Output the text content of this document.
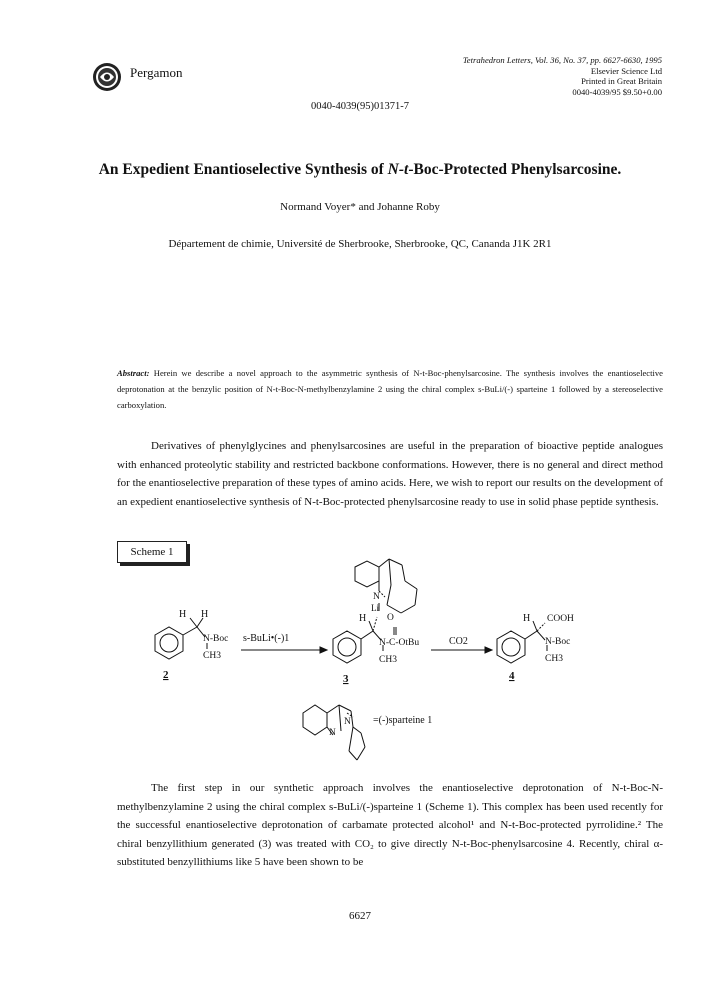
Pergamon
Tetrahedron Letters, Vol. 36, No. 37, pp. 6627-6630, 1995
Elsevier Science Ltd
Printed in Great Britain
0040-4039/95 $9.50+0.00
0040-4039(95)01371-7
An Expedient Enantioselective Synthesis of N-t-Boc-Protected Phenylsarcosine.
Normand Voyer* and Johanne Roby
Département de chimie, Université de Sherbrooke, Sherbrooke, QC, Cananda J1K 2R1
Abstract: Herein we describe a novel approach to the asymmetric synthesis of N-t-Boc-phenylsarcosine. The synthesis involves the enantioselective deprotonation at the benzylic position of N-t-Boc-N-methylbenzylamine 2 using the chiral complex s-BuLi/(-) sparteine 1 followed by a stereoselective carboxylation.
Derivatives of phenylglycines and phenylsarcosines are useful in the preparation of bioactive peptide analogues with enhanced proteolytic stability and restricted backbone conformations. However, there is no general and direct method for the enantioselective preparation of these types of amino acids. Here, we wish to report our results on the development of an expedient enantioselective synthesis of N-t-Boc-protected phenylsarcosine ready to use in solid phase peptide synthesis.
Scheme 1
H H
N-Boc
CH3
2
s-BuLi•(-)1
H
N
O
Li
N-C-OtBu
CH3
3
CO2
H COOH
N-Boc
CH3
4
N
N =(-)sparteine 1
The first step in our synthetic approach involves the enantioselective deprotonation of N-t-Boc-N-methylbenzylamine 2 using the chiral complex s-BuLi/(-)sparteine 1 (Scheme 1). This complex has been used recently for the successful enantioselective deprotonation of carbamate protected alcohol¹ and N-t-Boc-protected pyrrolidine.² The chiral benzyllithium generated (3) was treated with CO₂ to give directly N-t-Boc-phenylsarcosine 4. Recently, chiral α-substituted benzyllithiums like 5 have been shown to be
6627
